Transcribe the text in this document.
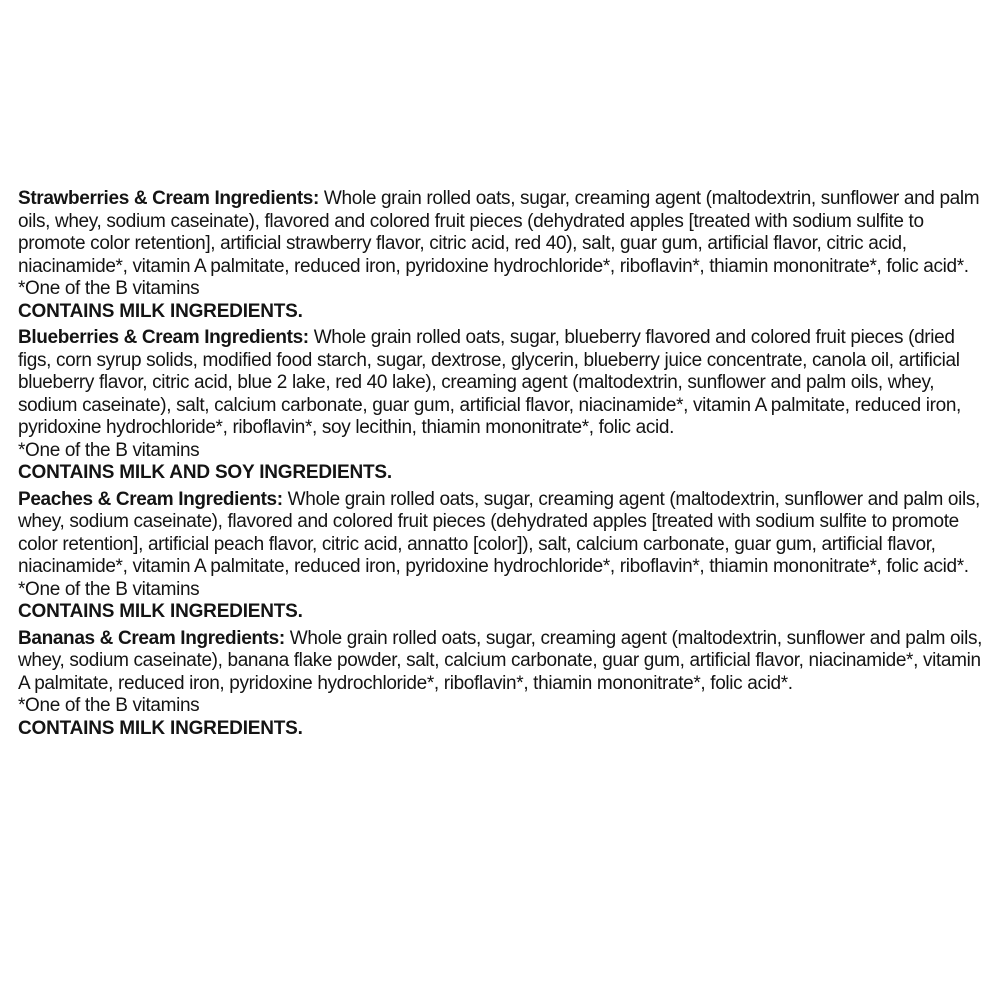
Strawberries & Cream Ingredients: Whole grain rolled oats, sugar, creaming agent (maltodextrin, sunflower and palm oils, whey, sodium caseinate), flavored and colored fruit pieces (dehydrated apples [treated with sodium sulfite to promote color retention], artificial strawberry flavor, citric acid, red 40), salt, guar gum, artificial flavor, citric acid, niacinamide*, vitamin A palmitate, reduced iron, pyridoxine hydrochloride*, riboflavin*, thiamin mononitrate*, folic acid*.

*One of the B vitamins

CONTAINS MILK INGREDIENTS.

Blueberries & Cream Ingredients: Whole grain rolled oats, sugar, blueberry flavored and colored fruit pieces (dried figs, corn syrup solids, modified food starch, sugar, dextrose, glycerin, blueberry juice concentrate, canola oil, artificial blueberry flavor, citric acid, blue 2 lake, red 40 lake), creaming agent (maltodextrin, sunflower and palm oils, whey, sodium caseinate), salt, calcium carbonate, guar gum, artificial flavor, niacinamide*, vitamin A palmitate, reduced iron, pyridoxine hydrochloride*, riboflavin*, soy lecithin, thiamin mononitrate*, folic acid.

*One of the B vitamins

CONTAINS MILK AND SOY INGREDIENTS.

Peaches & Cream Ingredients: Whole grain rolled oats, sugar, creaming agent (maltodextrin, sunflower and palm oils, whey, sodium caseinate), flavored and colored fruit pieces (dehydrated apples [treated with sodium sulfite to promote color retention], artificial peach flavor, citric acid, annatto [color]), salt, calcium carbonate, guar gum, artificial flavor, niacinamide*, vitamin A palmitate, reduced iron, pyridoxine hydrochloride*, riboflavin*, thiamin mononitrate*, folic acid*.

*One of the B vitamins

CONTAINS MILK INGREDIENTS.

Bananas & Cream Ingredients: Whole grain rolled oats, sugar, creaming agent (maltodextrin, sunflower and palm oils, whey, sodium caseinate), banana flake powder, salt, calcium carbonate, guar gum, artificial flavor, niacinamide*, vitamin A palmitate, reduced iron, pyridoxine hydrochloride*, riboflavin*, thiamin mononitrate*, folic acid*.

*One of the B vitamins

CONTAINS MILK INGREDIENTS.
